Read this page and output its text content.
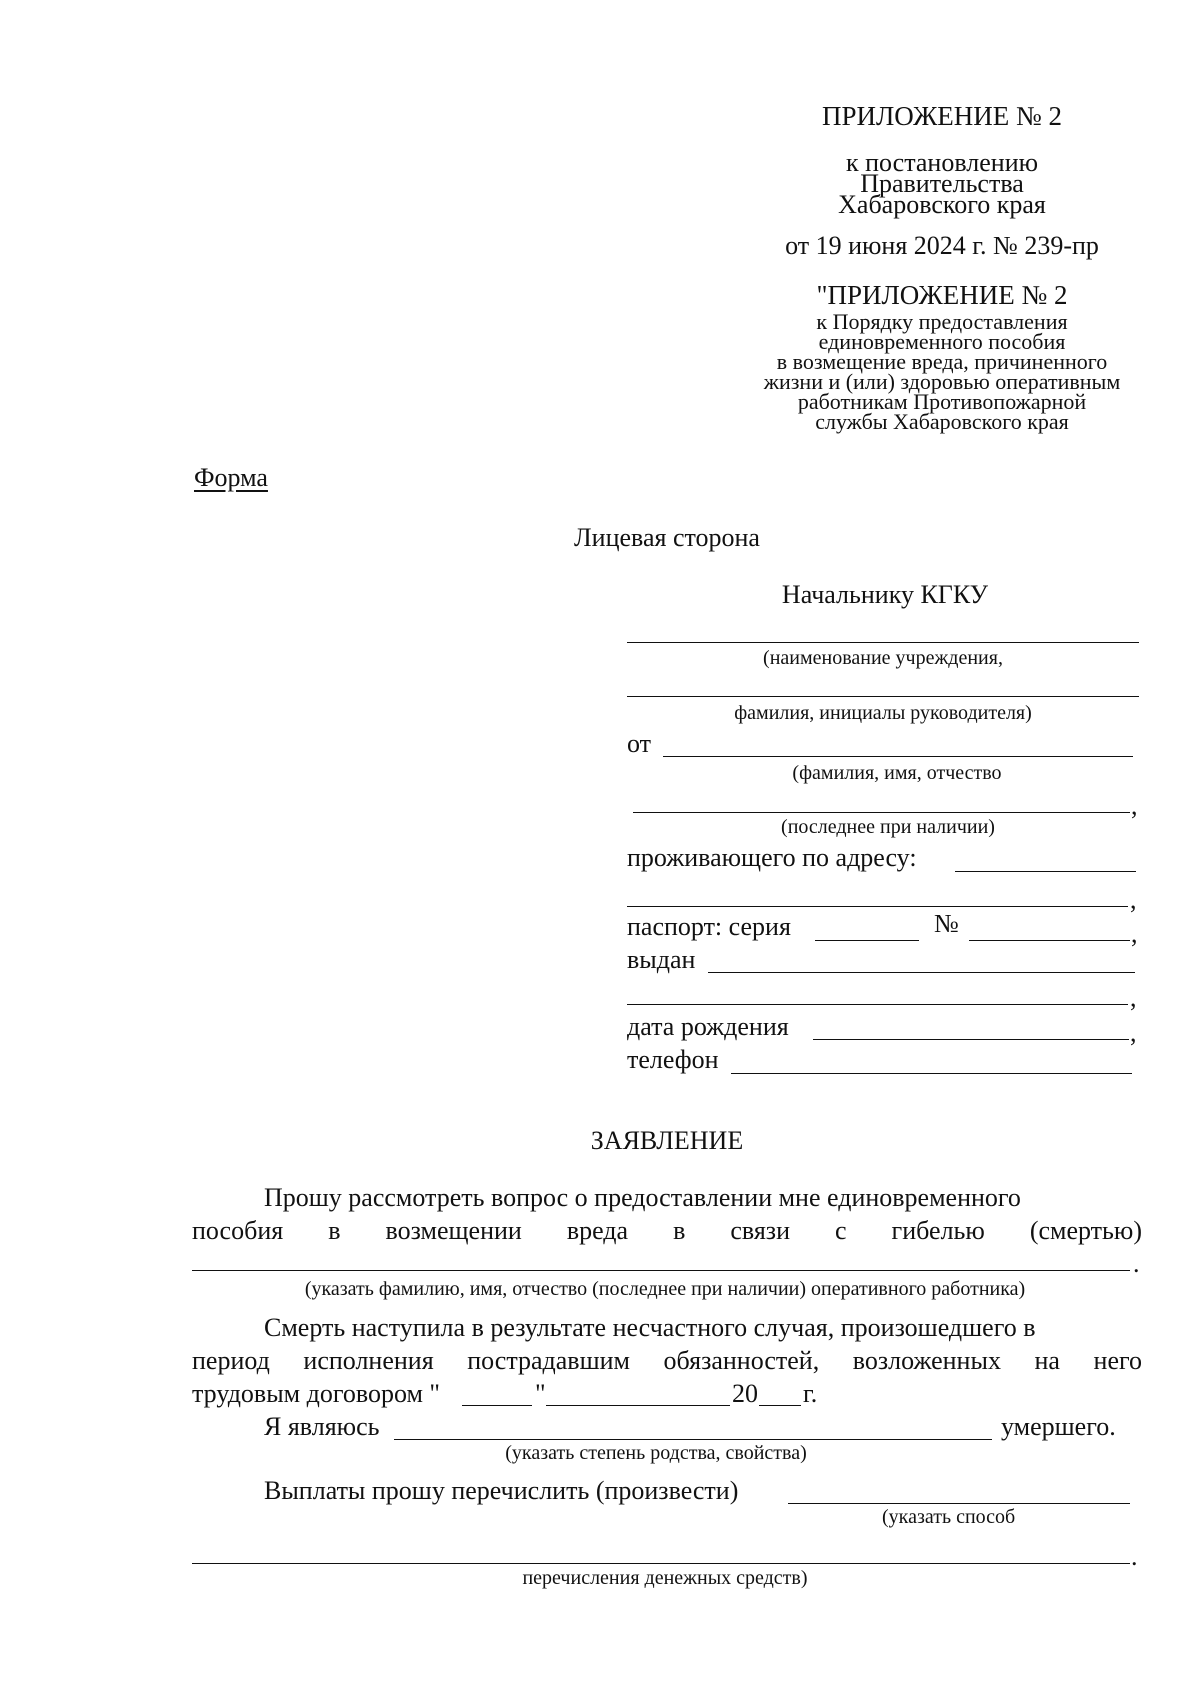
ПРИЛОЖЕНИЕ № 2
к постановлению
Правительства
Хабаровского края
от 19 июня 2024 г. № 239-пр
"ПРИЛОЖЕНИЕ № 2
к Порядку предоставления
единовременного пособия
в возмещение вреда, причиненного
жизни и (или) здоровью оперативным
работникам Противопожарной
службы Хабаровского края
Форма
Лицевая сторона
Начальнику КГКУ
(наименование учреждения,
фамилия, инициалы руководителя)
от
(фамилия, имя, отчество
,
(последнее при наличии)
проживающего по адресу:
,
паспорт: серия	№	,
выдан
,
дата рождения	,
телефон
ЗАЯВЛЕНИЕ
Прошу рассмотреть вопрос о предоставлении мне единовременного
пособия в возмещении вреда в связи с гибелью (смертью)
.
(указать фамилию, имя, отчество (последнее при наличии) оперативного работника)
Смерть наступила в результате несчастного случая, произошедшего в
период исполнения пострадавшим обязанностей, возложенных на него
трудовым договором "	"	20 г.
Я являюсь	умершего.
(указать степень родства, свойства)
Выплаты прошу перечислить (произвести)
(указать способ
.
перечисления денежных средств)
